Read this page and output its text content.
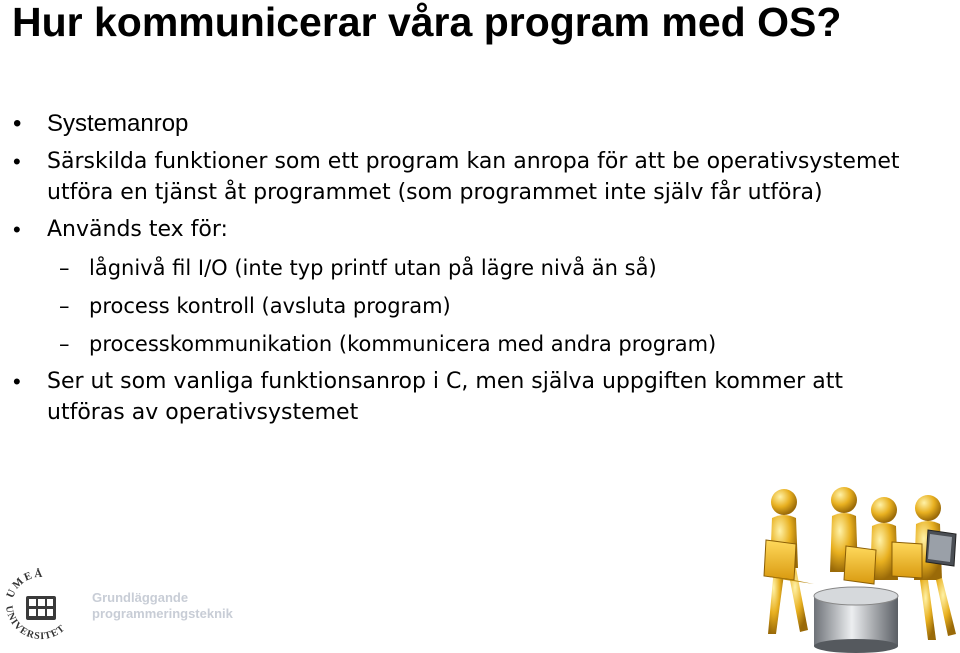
Hur kommunicerar våra program med OS?
• Systemanrop
• Särskilda funktioner som ett program kan anropa för att be operativsystemet utföra en tjänst åt programmet (som programmet inte själv får utföra)
• Används tex för:
– lågnivå fil I/O (inte typ printf utan på lägre nivå än så)
– process kontroll (avsluta program)
– processkommunikation (kommunicera med andra program)
• Ser ut som vanliga funktionsanrop i C, men själva uppgiften kommer att utföras av operativsystemet
UMEÅ
UNIVERSITET
Grundläggande
programmeringsteknik
